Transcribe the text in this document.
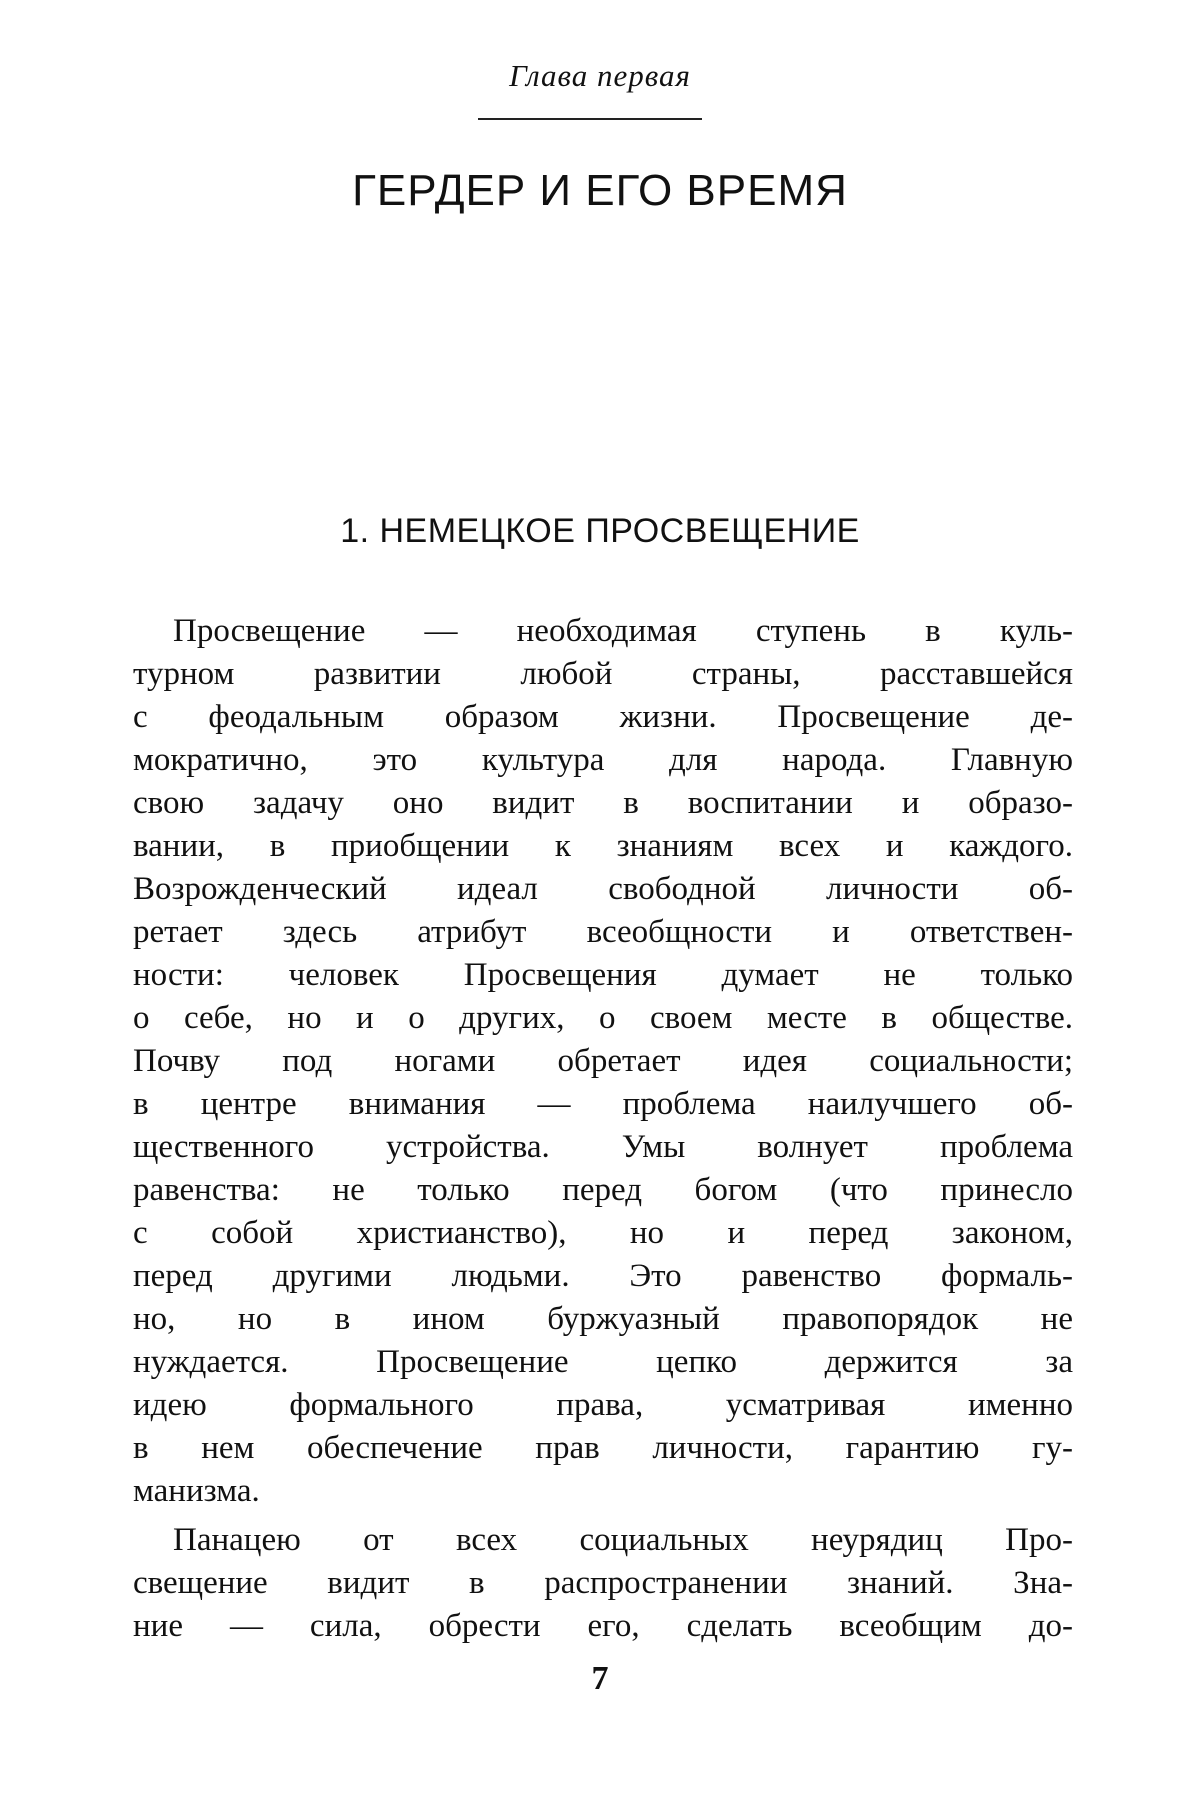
Глава первая
ГЕРДЕР И ЕГО ВРЕМЯ
1. НЕМЕЦКОЕ ПРОСВЕЩЕНИЕ
Просвещение — необходимая ступень в куль-
турном развитии любой страны, расставшейся
с феодальным образом жизни. Просвещение де-
мократично, это культура для народа. Главную
свою задачу оно видит в воспитании и образо-
вании, в приобщении к знаниям всех и каждого.
Возрожденческий идеал свободной личности об-
ретает здесь атрибут всеобщности и ответствен-
ности: человек Просвещения думает не только
о себе, но и о других, о своем месте в обществе.
Почву под ногами обретает идея социальности;
в центре внимания — проблема наилучшего об-
щественного устройства. Умы волнует проблема
равенства: не только перед богом (что принесло
с собой христианство), но и перед законом,
перед другими людьми. Это равенство формаль-
но, но в ином буржуазный правопорядок не
нуждается. Просвещение цепко держится за
идею формального права, усматривая именно
в нем обеспечение прав личности, гарантию гу-
манизма.
Панацею от всех социальных неурядиц Про-
свещение видит в распространении знаний. Зна-
ние — сила, обрести его, сделать всеобщим до-
7
